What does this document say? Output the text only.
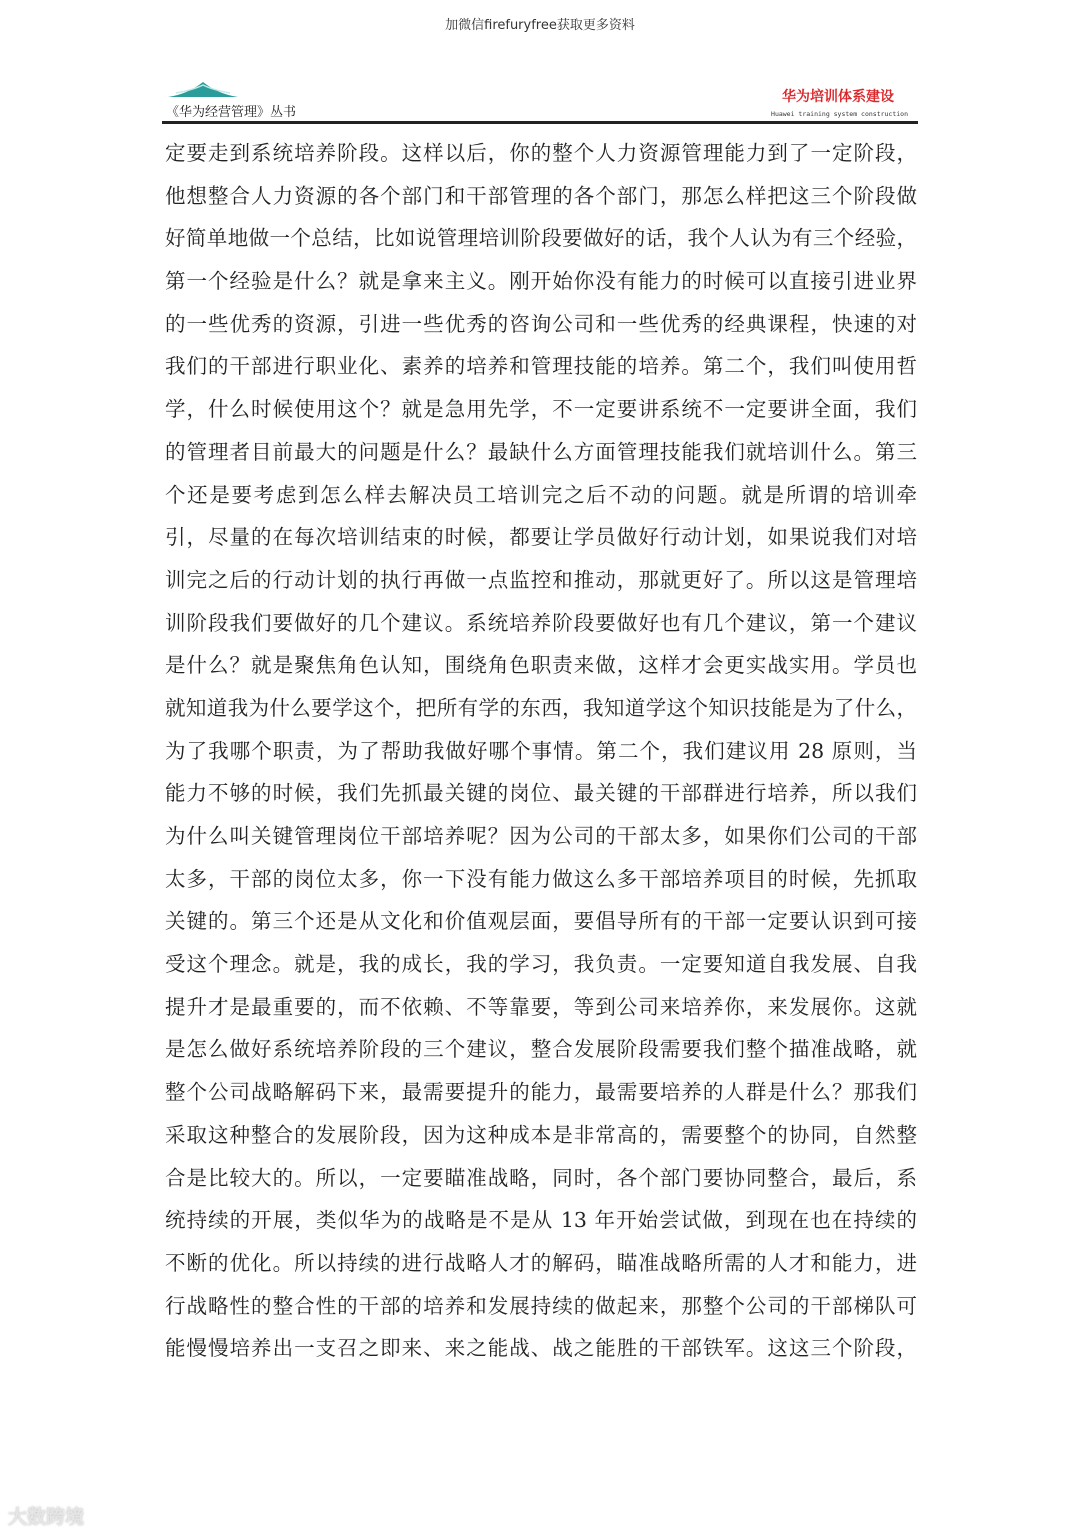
加微信firefuryfree获取更多资料
《华为经营管理》丛书
华为培训体系建设
Huawei training system construction
定要走到系统培养阶段。这样以后，你的整个人力资源管理能力到了一定阶段，
他想整合人力资源的各个部门和干部管理的各个部门，那怎么样把这三个阶段做
好简单地做一个总结，比如说管理培训阶段要做好的话，我个人认为有三个经验，
第一个经验是什么？就是拿来主义。刚开始你没有能力的时候可以直接引进业界
的一些优秀的资源，引进一些优秀的咨询公司和一些优秀的经典课程，快速的对
我们的干部进行职业化、素养的培养和管理技能的培养。第二个，我们叫使用哲
学，什么时候使用这个？就是急用先学，不一定要讲系统不一定要讲全面，我们
的管理者目前最大的问题是什么？最缺什么方面管理技能我们就培训什么。第三
个还是要考虑到怎么样去解决员工培训完之后不动的问题。就是所谓的培训牵
引，尽量的在每次培训结束的时候，都要让学员做好行动计划，如果说我们对培
训完之后的行动计划的执行再做一点监控和推动，那就更好了。所以这是管理培
训阶段我们要做好的几个建议。系统培养阶段要做好也有几个建议，第一个建议
是什么？就是聚焦角色认知，围绕角色职责来做，这样才会更实战实用。学员也
就知道我为什么要学这个，把所有学的东西，我知道学这个知识技能是为了什么，
为了我哪个职责，为了帮助我做好哪个事情。第二个，我们建议用 28 原则，当
能力不够的时候，我们先抓最关键的岗位、最关键的干部群进行培养，所以我们
为什么叫关键管理岗位干部培养呢？因为公司的干部太多，如果你们公司的干部
太多，干部的岗位太多，你一下没有能力做这么多干部培养项目的时候，先抓取
关键的。第三个还是从文化和价值观层面，要倡导所有的干部一定要认识到可接
受这个理念。就是，我的成长，我的学习，我负责。一定要知道自我发展、自我
提升才是最重要的，而不依赖、不等靠要，等到公司来培养你，来发展你。这就
是怎么做好系统培养阶段的三个建议，整合发展阶段需要我们整个描准战略，就
整个公司战略解码下来，最需要提升的能力，最需要培养的人群是什么？那我们
采取这种整合的发展阶段，因为这种成本是非常高的，需要整个的协同，自然整
合是比较大的。所以，一定要瞄准战略，同时，各个部门要协同整合，最后，系
统持续的开展，类似华为的战略是不是从 13 年开始尝试做，到现在也在持续的
不断的优化。所以持续的进行战略人才的解码，瞄准战略所需的人才和能力，进
行战略性的整合性的干部的培养和发展持续的做起来，那整个公司的干部梯队可
能慢慢培养出一支召之即来、来之能战、战之能胜的干部铁军。这这三个阶段，
大数跨境
